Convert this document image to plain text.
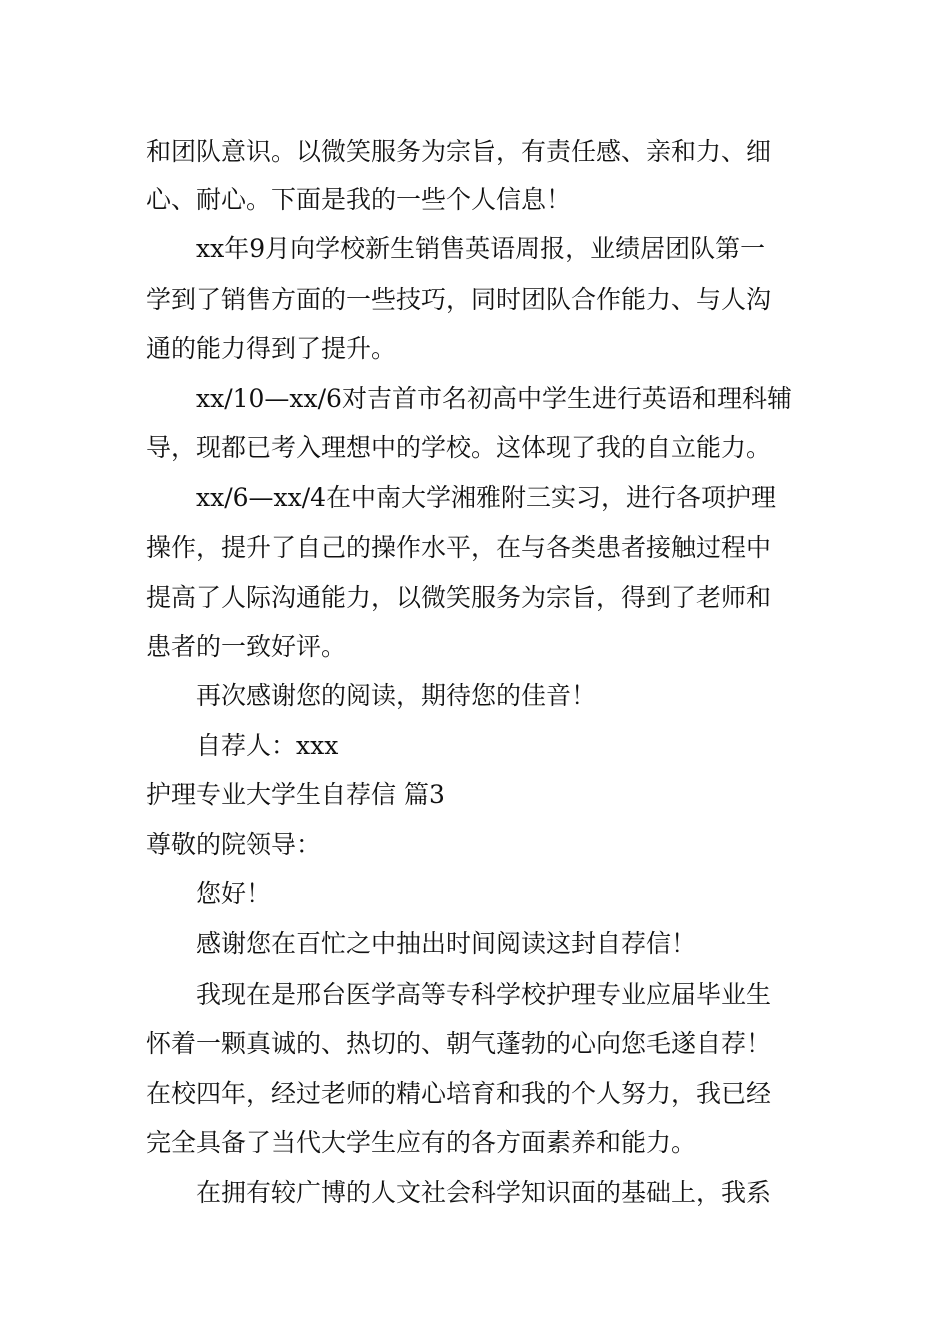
和团队意识。以微笑服务为宗旨，有责任感、亲和力、细
心、耐心。下面是我的一些个人信息！
xx年9月向学校新生销售英语周报，业绩居团队第一
学到了销售方面的一些技巧，同时团队合作能力、与人沟
通的能力得到了提升。
xx/10—xx/6对吉首市名初高中学生进行英语和理科辅
导，现都已考入理想中的学校。这体现了我的自立能力。
xx/6—xx/4在中南大学湘雅附三实习，进行各项护理
操作，提升了自己的操作水平，在与各类患者接触过程中
提高了人际沟通能力，以微笑服务为宗旨，得到了老师和
患者的一致好评。
再次感谢您的阅读，期待您的佳音！
自荐人：xxx
护理专业大学生自荐信 篇3
尊敬的院领导：
您好！
感谢您在百忙之中抽出时间阅读这封自荐信！
我现在是邢台医学高等专科学校护理专业应届毕业生
怀着一颗真诚的、热切的、朝气蓬勃的心向您毛遂自荐！
在校四年，经过老师的精心培育和我的个人努力，我已经
完全具备了当代大学生应有的各方面素养和能力。
在拥有较广博的人文社会科学知识面的基础上，我系
